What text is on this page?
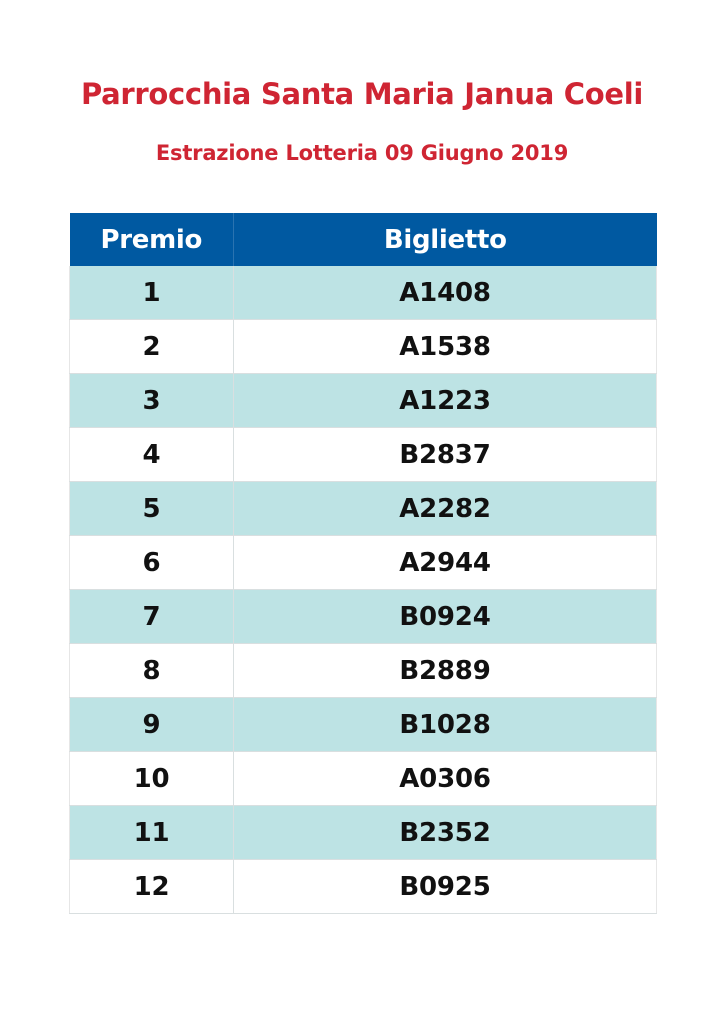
Parrocchia Santa Maria Janua Coeli
Estrazione Lotteria 09 Giugno 2019
Premio	Biglietto
1	A1408
2	A1538
3	A1223
4	B2837
5	A2282
6	A2944
7	B0924
8	B2889
9	B1028
10	A0306
11	B2352
12	B0925
